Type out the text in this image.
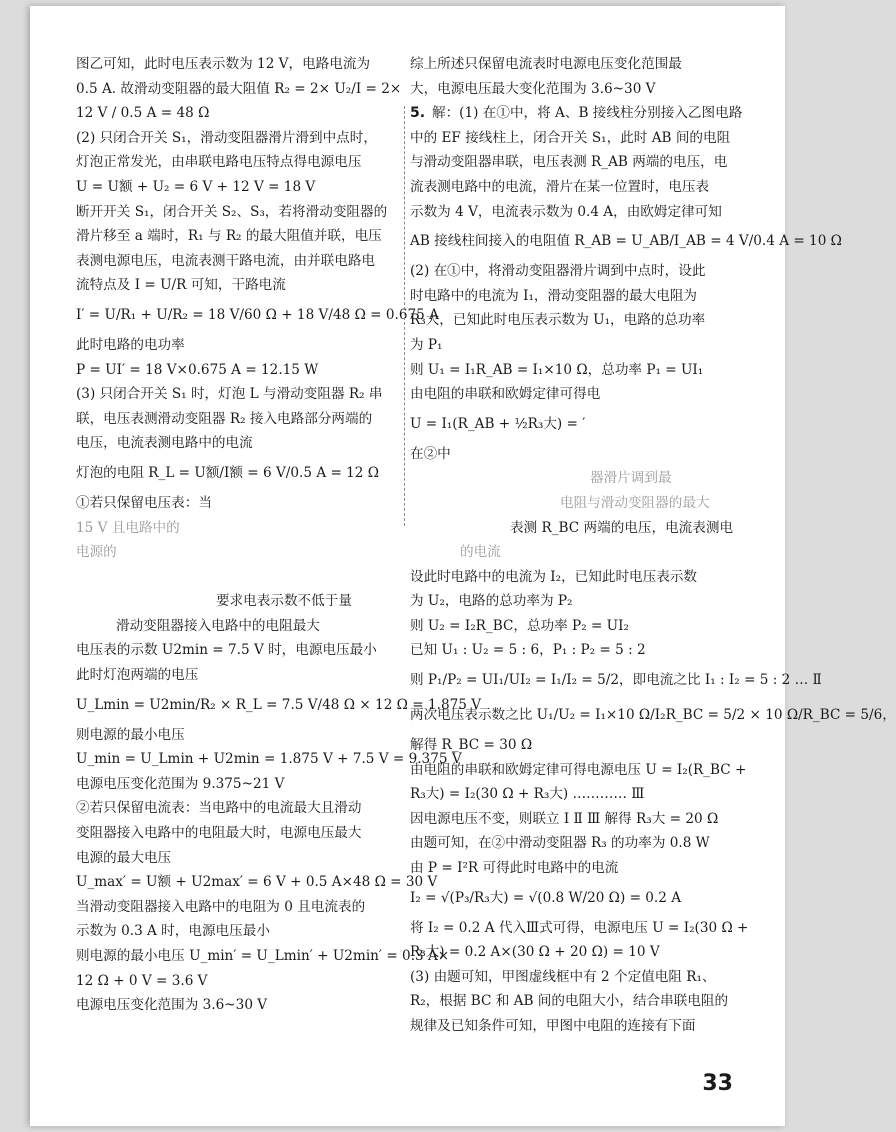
图乙可知，此时电压表示数为 12 V，电路电流为
0.5 A. 故滑动变阻器的最大阻值 R₂ = 2× U₂/I = 2×
12 V / 0.5 A = 48 Ω
(2) 只闭合开关 S₁，滑动变阻器滑片滑到中点时，
灯泡正常发光，由串联电路电压特点得电源电压
U = U额 + U₂ = 6 V + 12 V = 18 V
断开开关 S₁，闭合开关 S₂、S₃，若将滑动变阻器的
滑片移至 a 端时，R₁ 与 R₂ 的最大阻值并联，电压
表测电源电压，电流表测干路电流，由并联电路电
流特点及 I = U/R 可知，干路电流
I′ = U/R₁ + U/R₂ = 18 V/60 Ω + 18 V/48 Ω = 0.675 A
此时电路的电功率
P = UI′ = 18 V×0.675 A = 12.15 W
(3) 只闭合开关 S₁ 时，灯泡 L 与滑动变阻器 R₂ 串
联，电压表测滑动变阻器 R₂ 接入电路部分两端的
电压，电流表测电路中的电流
灯泡的电阻 R_L = U额/I额 = 6 V/0.5 A = 12 Ω
①若只保留电压表：当
15 V 且电路中的
电源的
要求电表示数不低于量
滑动变阻器接入电路中的电阻最大
电压表的示数 U2min = 7.5 V 时，电源电压最小
此时灯泡两端的电压
U_Lmin = U2min/R₂ × R_L = 7.5 V/48 Ω × 12 Ω = 1.875 V
则电源的最小电压
U_min = U_Lmin + U2min = 1.875 V + 7.5 V = 9.375 V
电源电压变化范围为 9.375~21 V
②若只保留电流表：当电路中的电流最大且滑动
变阻器接入电路中的电阻最大时，电源电压最大
电源的最大电压
U_max′ = U额 + U2max′ = 6 V + 0.5 A×48 Ω = 30 V
当滑动变阻器接入电路中的电阻为 0 且电流表的
示数为 0.3 A 时，电源电压最小
则电源的最小电压 U_min′ = U_Lmin′ + U2min′ = 0.3 A×
12 Ω + 0 V = 3.6 V
电源电压变化范围为 3.6~30 V
综上所述只保留电流表时电源电压变化范围最
大，电源电压最大变化范围为 3.6~30 V
5. 解：(1) 在①中，将 A、B 接线柱分别接入乙图电路
中的 EF 接线柱上，闭合开关 S₁，此时 AB 间的电阻
与滑动变阻器串联，电压表测 R_AB 两端的电压，电
流表测电路中的电流，滑片在某一位置时，电压表
示数为 4 V，电流表示数为 0.4 A，由欧姆定律可知
AB 接线柱间接入的电阻值 R_AB = U_AB/I_AB = 4 V/0.4 A = 10 Ω
(2) 在①中，将滑动变阻器滑片调到中点时，设此
时电路中的电流为 I₁，滑动变阻器的最大电阻为
R₃大，已知此时电压表示数为 U₁，电路的总功率
为 P₁
则 U₁ = I₁R_AB = I₁×10 Ω，总功率 P₁ = UI₁
由电阻的串联和欧姆定律可得电
U = I₁(R_AB + ½R₃大) = ′
在②中
器滑片调到最
电阻与滑动变阻器的最大
表测 R_BC 两端的电压，电流表测电
的电流
设此时电路中的电流为 I₂，已知此时电压表示数
为 U₂，电路的总功率为 P₂
则 U₂ = I₂R_BC，总功率 P₂ = UI₂
已知 U₁ : U₂ = 5 : 6，P₁ : P₂ = 5 : 2
则 P₁/P₂ = UI₁/UI₂ = I₁/I₂ = 5/2，即电流之比 I₁ : I₂ = 5 : 2 … Ⅱ
两次电压表示数之比 U₁/U₂ = I₁×10 Ω/I₂R_BC = 5/2 × 10 Ω/R_BC = 5/6，
解得 R_BC = 30 Ω
由电阻的串联和欧姆定律可得电源电压 U = I₂(R_BC +
R₃大) = I₂(30 Ω + R₃大) ………… Ⅲ
因电源电压不变，则联立 Ⅰ Ⅱ Ⅲ 解得 R₃大 = 20 Ω
由题可知，在②中滑动变阻器 R₃ 的功率为 0.8 W
由 P = I²R 可得此时电路中的电流
I₂ = √(P₃/R₃大) = √(0.8 W/20 Ω) = 0.2 A
将 I₂ = 0.2 A 代入Ⅲ式可得，电源电压 U = I₂(30 Ω +
R₃大) = 0.2 A×(30 Ω + 20 Ω) = 10 V
(3) 由题可知，甲图虚线框中有 2 个定值电阻 R₁、
R₂，根据 BC 和 AB 间的电阻大小，结合串联电阻的
规律及已知条件可知，甲图中电阻的连接有下面
33
